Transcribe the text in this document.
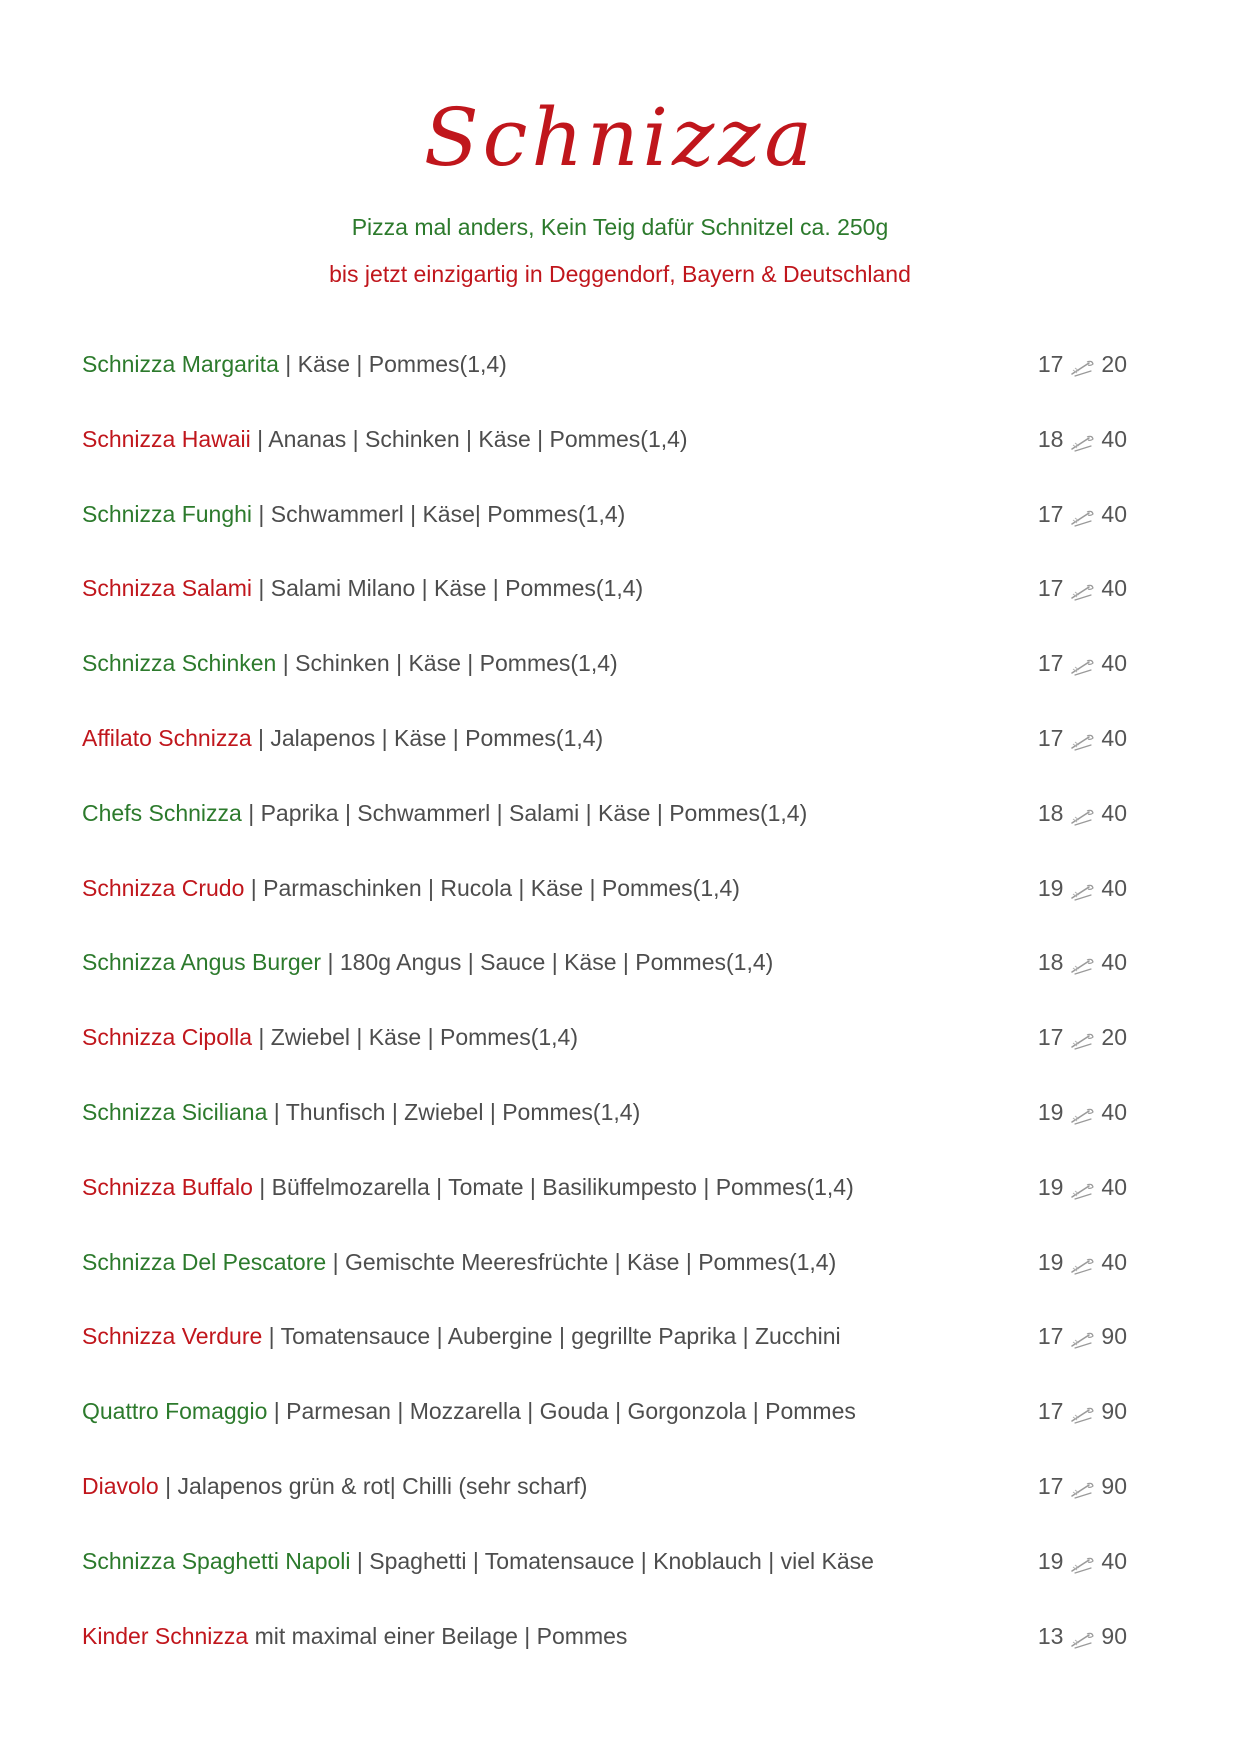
Schnizza
Pizza mal anders, Kein Teig dafür Schnitzel ca. 250g
bis jetzt einzigartig in Deggendorf, Bayern & Deutschland
Schnizza Margarita | Käse | Pommes(1,4)	17 20
Schnizza Hawaii | Ananas | Schinken | Käse | Pommes(1,4)	18 40
Schnizza Funghi | Schwammerl | Käse| Pommes(1,4)	17 40
Schnizza Salami | Salami Milano | Käse | Pommes(1,4)	17 40
Schnizza Schinken | Schinken | Käse | Pommes(1,4)	17 40
Affilato Schnizza | Jalapenos | Käse | Pommes(1,4)	17 40
Chefs Schnizza | Paprika | Schwammerl | Salami | Käse | Pommes(1,4)	18 40
Schnizza Crudo | Parmaschinken | Rucola | Käse | Pommes(1,4)	19 40
Schnizza Angus Burger | 180g Angus | Sauce | Käse | Pommes(1,4)	18 40
Schnizza Cipolla | Zwiebel | Käse | Pommes(1,4)	17 20
Schnizza Siciliana | Thunfisch | Zwiebel | Pommes(1,4)	19 40
Schnizza Buffalo | Büffelmozarella | Tomate | Basilikumpesto | Pommes(1,4)	19 40
Schnizza Del Pescatore | Gemischte Meeresfrüchte | Käse | Pommes(1,4)	19 40
Schnizza Verdure | Tomatensauce | Aubergine | gegrillte Paprika | Zucchini	17 90
Quattro Fomaggio | Parmesan | Mozzarella | Gouda | Gorgonzola | Pommes	17 90
Diavolo | Jalapenos grün & rot| Chilli (sehr scharf)	17 90
Schnizza Spaghetti Napoli | Spaghetti | Tomatensauce | Knoblauch | viel Käse	19 40
Kinder Schnizza mit maximal einer Beilage | Pommes	13 90
